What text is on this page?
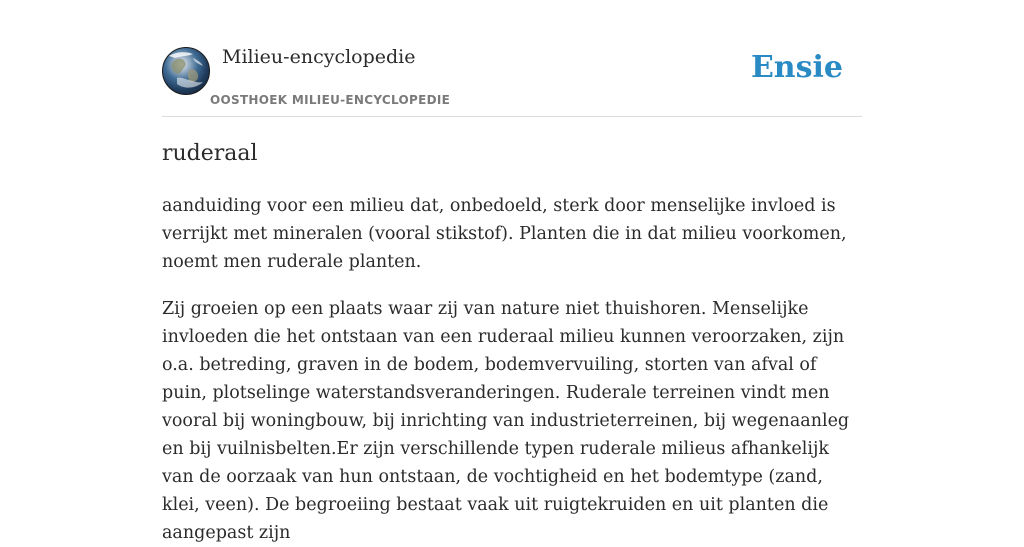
Milieu-encyclopedie
OOSTHOEK MILIEU-ENCYCLOPEDIE
Ensie
ruderaal

aanduiding voor een milieu dat, onbedoeld, sterk door menselijke invloed is verrijkt met mineralen (vooral stikstof). Planten die in dat milieu voorkomen, noemt men ruderale planten.

Zij groeien op een plaats waar zij van nature niet thuishoren. Menselijke invloeden die het ontstaan van een ruderaal milieu kunnen veroorzaken, zijn o.a. betreding, graven in de bodem, bodemvervuiling, storten van afval of puin, plotselinge waterstandsveranderingen. Ruderale terreinen vindt men vooral bij woningbouw, bij inrichting van industrieterreinen, bij wegenaanleg en bij vuilnisbelten.Er zijn verschillende typen ruderale milieus afhankelijk van de oorzaak van hun ontstaan, de vochtigheid en het bodemtype (zand, klei, veen). De begroeiing bestaat vaak uit ruigtekruiden en uit planten die aangepast zijn
